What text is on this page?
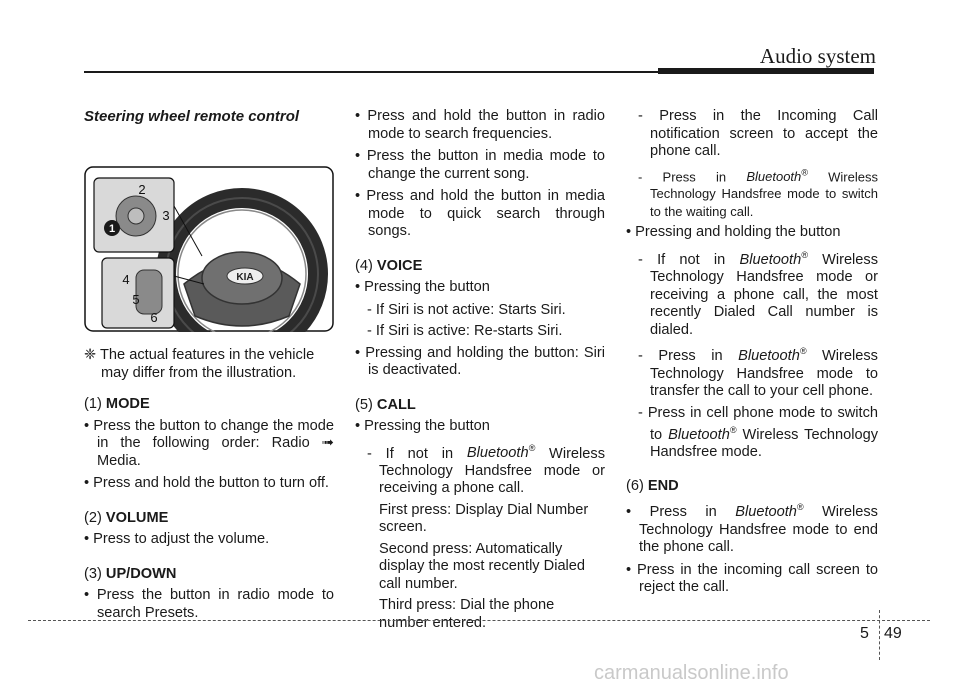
Audio system
Steering wheel remote control
KIA
1
2
3
4
5
6
❈ The actual features in the vehicle may differ from the illustration.
(1) MODE
• Press the button to change the mode in the following order: Radio ➟ Media.
• Press and hold the button to turn off.
(2) VOLUME
• Press to adjust the volume.
(3) UP/DOWN
• Press the button in radio mode to search Presets.
• Press and hold the button in radio mode to search frequencies.
• Press the button in media mode to change the current song.
• Press and hold the button in media mode to quick search through songs.
(4) VOICE
• Pressing the button
- If Siri is not active: Starts Siri.
- If Siri is active: Re-starts Siri.
• Pressing and holding the button: Siri is deactivated.
(5) CALL
• Pressing the button
- If not in Bluetooth® Wireless Technology Handsfree mode or receiving a phone call.
First press: Display Dial Number screen.
Second press: Automatically display the most recently Dialed call number.
Third press: Dial the phone number entered.
- Press in the Incoming Call notification screen to accept the phone call.
- Press in Bluetooth® Wireless Technology Handsfree mode to switch to the waiting call.
• Pressing and holding the button
- If not in Bluetooth® Wireless Technology Handsfree mode or receiving a phone call, the most recently Dialed Call number is dialed.
- Press in Bluetooth® Wireless Technology Handsfree mode to transfer the call to your cell phone.
- Press in cell phone mode to switch to Bluetooth® Wireless Technology Handsfree mode.
(6) END
• Press in Bluetooth® Wireless Technology Handsfree mode to end the phone call.
• Press in the incoming call screen to reject the call.
5 49
carmanualsonline.info
